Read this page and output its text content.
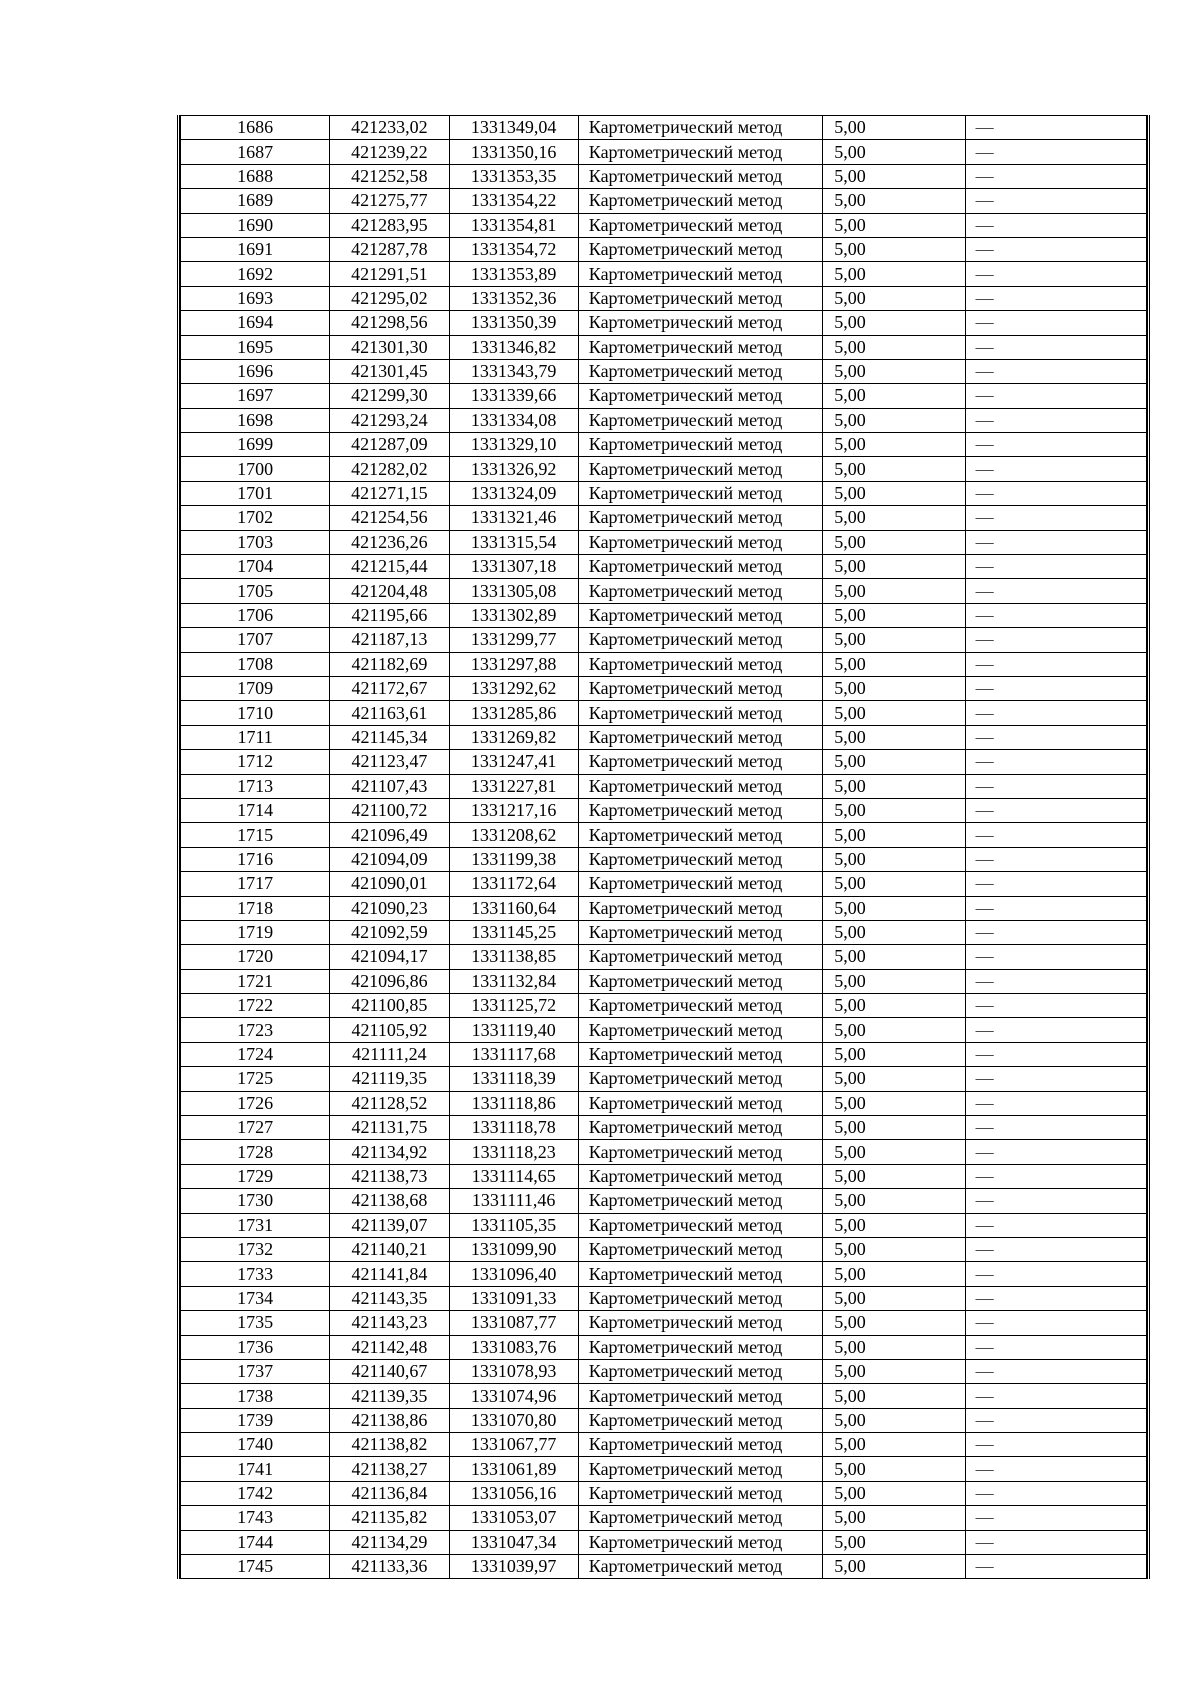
1686	421233,02	1331349,04	Картометрический метод	5,00	—
1687	421239,22	1331350,16	Картометрический метод	5,00	—
1688	421252,58	1331353,35	Картометрический метод	5,00	—
1689	421275,77	1331354,22	Картометрический метод	5,00	—
1690	421283,95	1331354,81	Картометрический метод	5,00	—
1691	421287,78	1331354,72	Картометрический метод	5,00	—
1692	421291,51	1331353,89	Картометрический метод	5,00	—
1693	421295,02	1331352,36	Картометрический метод	5,00	—
1694	421298,56	1331350,39	Картометрический метод	5,00	—
1695	421301,30	1331346,82	Картометрический метод	5,00	—
1696	421301,45	1331343,79	Картометрический метод	5,00	—
1697	421299,30	1331339,66	Картометрический метод	5,00	—
1698	421293,24	1331334,08	Картометрический метод	5,00	—
1699	421287,09	1331329,10	Картометрический метод	5,00	—
1700	421282,02	1331326,92	Картометрический метод	5,00	—
1701	421271,15	1331324,09	Картометрический метод	5,00	—
1702	421254,56	1331321,46	Картометрический метод	5,00	—
1703	421236,26	1331315,54	Картометрический метод	5,00	—
1704	421215,44	1331307,18	Картометрический метод	5,00	—
1705	421204,48	1331305,08	Картометрический метод	5,00	—
1706	421195,66	1331302,89	Картометрический метод	5,00	—
1707	421187,13	1331299,77	Картометрический метод	5,00	—
1708	421182,69	1331297,88	Картометрический метод	5,00	—
1709	421172,67	1331292,62	Картометрический метод	5,00	—
1710	421163,61	1331285,86	Картометрический метод	5,00	—
1711	421145,34	1331269,82	Картометрический метод	5,00	—
1712	421123,47	1331247,41	Картометрический метод	5,00	—
1713	421107,43	1331227,81	Картометрический метод	5,00	—
1714	421100,72	1331217,16	Картометрический метод	5,00	—
1715	421096,49	1331208,62	Картометрический метод	5,00	—
1716	421094,09	1331199,38	Картометрический метод	5,00	—
1717	421090,01	1331172,64	Картометрический метод	5,00	—
1718	421090,23	1331160,64	Картометрический метод	5,00	—
1719	421092,59	1331145,25	Картометрический метод	5,00	—
1720	421094,17	1331138,85	Картометрический метод	5,00	—
1721	421096,86	1331132,84	Картометрический метод	5,00	—
1722	421100,85	1331125,72	Картометрический метод	5,00	—
1723	421105,92	1331119,40	Картометрический метод	5,00	—
1724	421111,24	1331117,68	Картометрический метод	5,00	—
1725	421119,35	1331118,39	Картометрический метод	5,00	—
1726	421128,52	1331118,86	Картометрический метод	5,00	—
1727	421131,75	1331118,78	Картометрический метод	5,00	—
1728	421134,92	1331118,23	Картометрический метод	5,00	—
1729	421138,73	1331114,65	Картометрический метод	5,00	—
1730	421138,68	1331111,46	Картометрический метод	5,00	—
1731	421139,07	1331105,35	Картометрический метод	5,00	—
1732	421140,21	1331099,90	Картометрический метод	5,00	—
1733	421141,84	1331096,40	Картометрический метод	5,00	—
1734	421143,35	1331091,33	Картометрический метод	5,00	—
1735	421143,23	1331087,77	Картометрический метод	5,00	—
1736	421142,48	1331083,76	Картометрический метод	5,00	—
1737	421140,67	1331078,93	Картометрический метод	5,00	—
1738	421139,35	1331074,96	Картометрический метод	5,00	—
1739	421138,86	1331070,80	Картометрический метод	5,00	—
1740	421138,82	1331067,77	Картометрический метод	5,00	—
1741	421138,27	1331061,89	Картометрический метод	5,00	—
1742	421136,84	1331056,16	Картометрический метод	5,00	—
1743	421135,82	1331053,07	Картометрический метод	5,00	—
1744	421134,29	1331047,34	Картометрический метод	5,00	—
1745	421133,36	1331039,97	Картометрический метод	5,00	—
